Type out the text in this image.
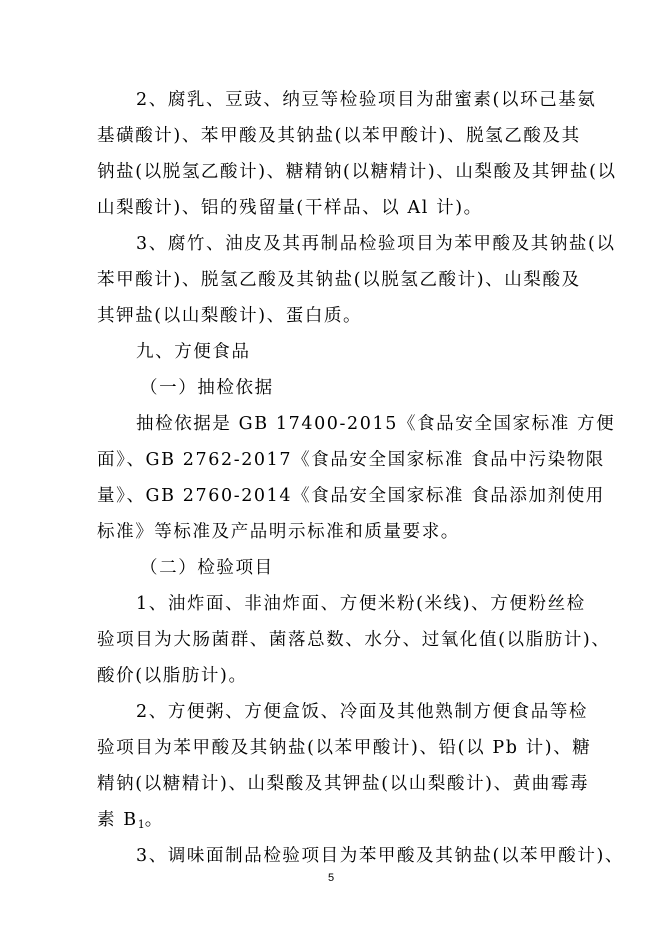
2、腐乳、豆豉、纳豆等检验项目为甜蜜素(以环己基氨
基磺酸计)、苯甲酸及其钠盐(以苯甲酸计)、脱氢乙酸及其
钠盐(以脱氢乙酸计)、糖精钠(以糖精计)、山梨酸及其钾盐(以
山梨酸计)、铝的残留量(干样品、以 Al 计)。
3、腐竹、油皮及其再制品检验项目为苯甲酸及其钠盐(以
苯甲酸计)、脱氢乙酸及其钠盐(以脱氢乙酸计)、山梨酸及
其钾盐(以山梨酸计)、蛋白质。
九、方便食品
（一）抽检依据
抽检依据是 GB 17400-2015《食品安全国家标准 方便
面》、GB 2762-2017《食品安全国家标准 食品中污染物限
量》、GB 2760-2014《食品安全国家标准 食品添加剂使用
标准》等标准及产品明示标准和质量要求。
（二）检验项目
1、油炸面、非油炸面、方便米粉(米线)、方便粉丝检
验项目为大肠菌群、菌落总数、水分、过氧化值(以脂肪计)、
酸价(以脂肪计)。
2、方便粥、方便盒饭、冷面及其他熟制方便食品等检
验项目为苯甲酸及其钠盐(以苯甲酸计)、铅(以 Pb 计)、糖
精钠(以糖精计)、山梨酸及其钾盐(以山梨酸计)、黄曲霉毒
素 $B_1$。
3、调味面制品检验项目为苯甲酸及其钠盐(以苯甲酸计)、
5
